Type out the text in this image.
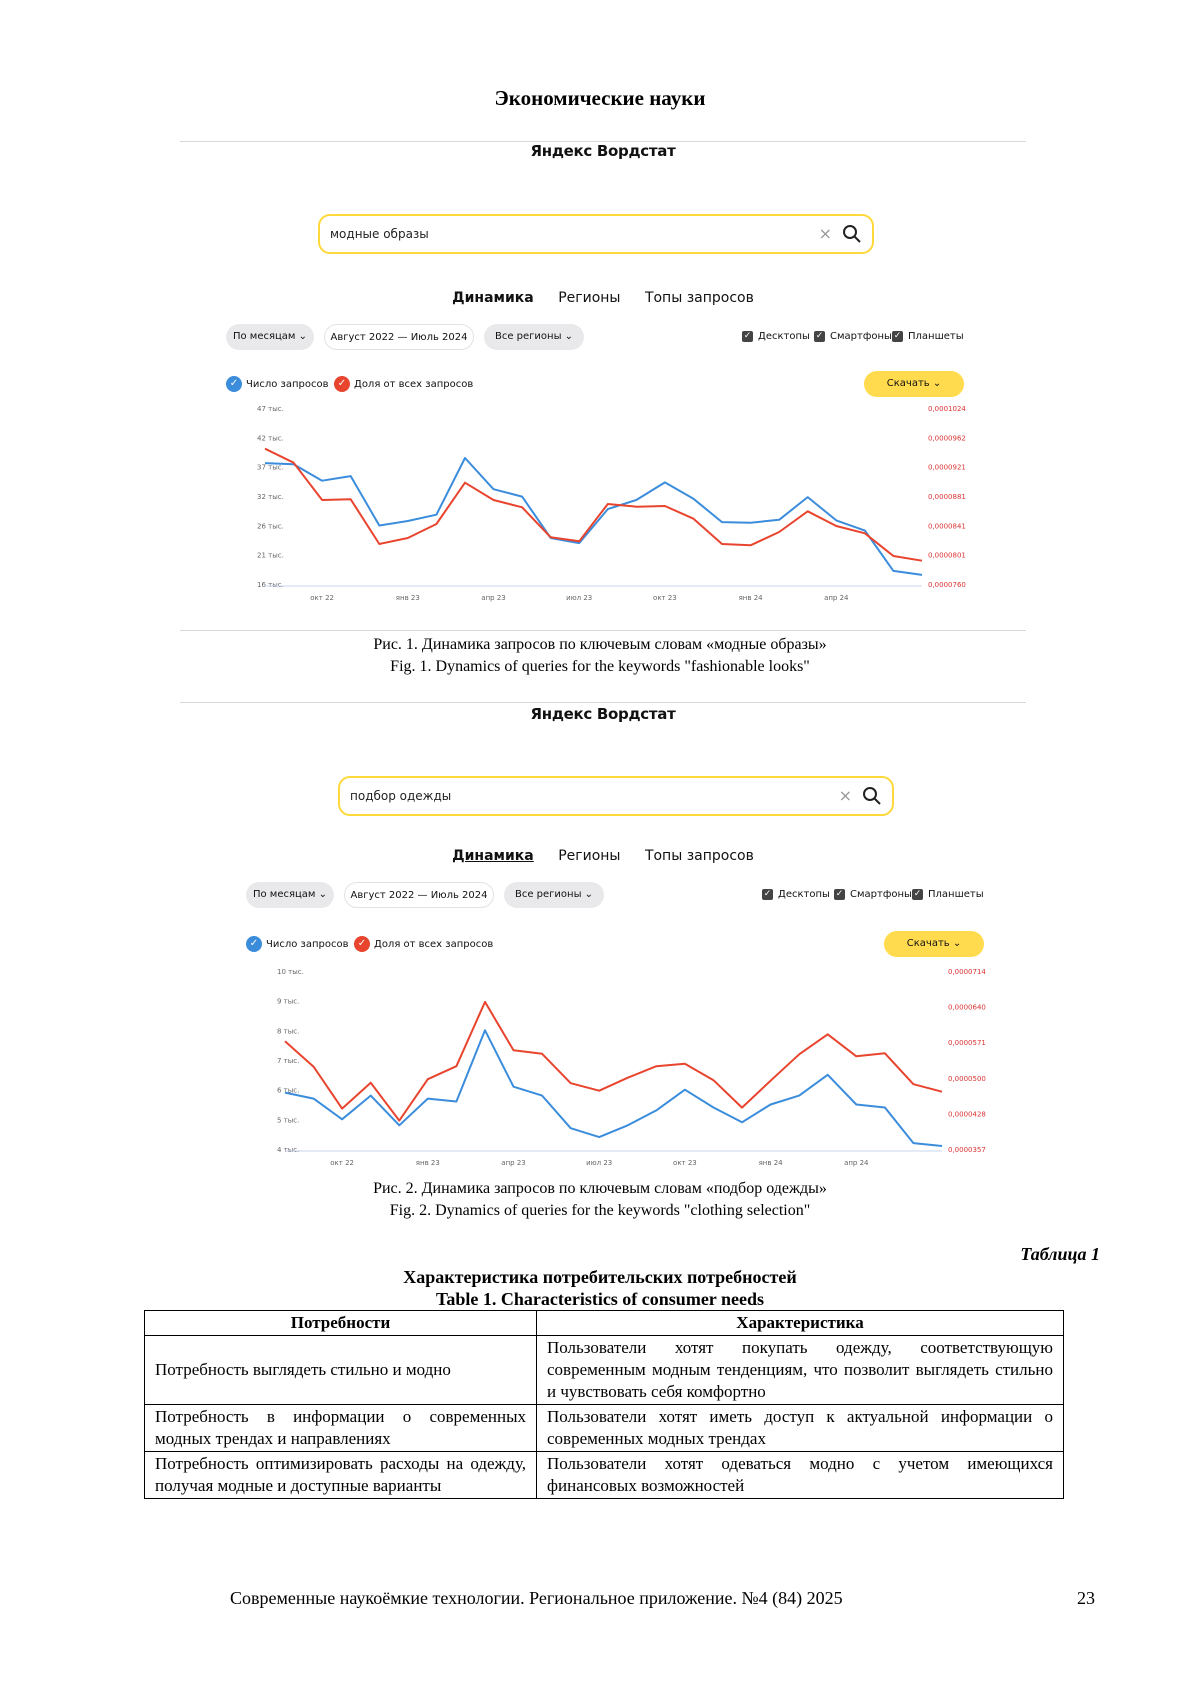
Экономические науки
Яндекс Вордстат
модные образы	×
Динамика Регионы Топы запросов
По месяцам ⌄	Август 2022 — Июль 2024	Все регионы ⌄	✓ Десктопы ✓ Смартфоны ✓ Планшеты
✓ Число запросов ✓ Доля от всех запросов	Скачать ⌄
47 тыс.
42 тыс.
37 тыс.
32 тыс.
26 тыс.
21 тыс.
16 тыс.
0,0001024
0,0000962
0,0000921
0,0000881
0,0000841
0,0000801
0,0000760
окт 22	янв 23	апр 23	июл 23	окт 23	янв 24	апр 24
Рис. 1. Динамика запросов по ключевым словам «модные образы»
Fig. 1. Dynamics of queries for the keywords "fashionable looks"
Яндекс Вордстат
подбор одежды	×
Динамика Регионы Топы запросов
По месяцам ⌄	Август 2022 — Июль 2024	Все регионы ⌄	✓ Десктопы ✓ Смартфоны ✓ Планшеты
✓ Число запросов ✓ Доля от всех запросов	Скачать ⌄
10 тыс.
9 тыс.
8 тыс.
7 тыс.
6 тыс.
5 тыс.
4 тыс.
0,0000714
0,0000640
0,0000571
0,0000500
0,0000428
0,0000357
окт 22	янв 23	апр 23	июл 23	окт 23	янв 24	апр 24
Рис. 2. Динамика запросов по ключевым словам «подбор одежды»
Fig. 2. Dynamics of queries for the keywords "clothing selection"
Таблица 1
Характеристика потребительских потребностей
Table 1. Characteristics of consumer needs
Потребности	Характеристика
Потребность выглядеть стильно и модно	Пользователи хотят покупать одежду, соответствующую современным модным тенденциям, что позволит выглядеть стильно и чувствовать себя комфортно
Потребность в информации о современных модных трендах и направлениях	Пользователи хотят иметь доступ к актуальной информации о современных модных трендах
Потребность оптимизировать расходы на одежду, получая модные и доступные варианты	Пользователи хотят одеваться модно с учетом имеющихся финансовых возможностей
Современные наукоёмкие технологии. Региональное приложение. №4 (84) 2025	23
